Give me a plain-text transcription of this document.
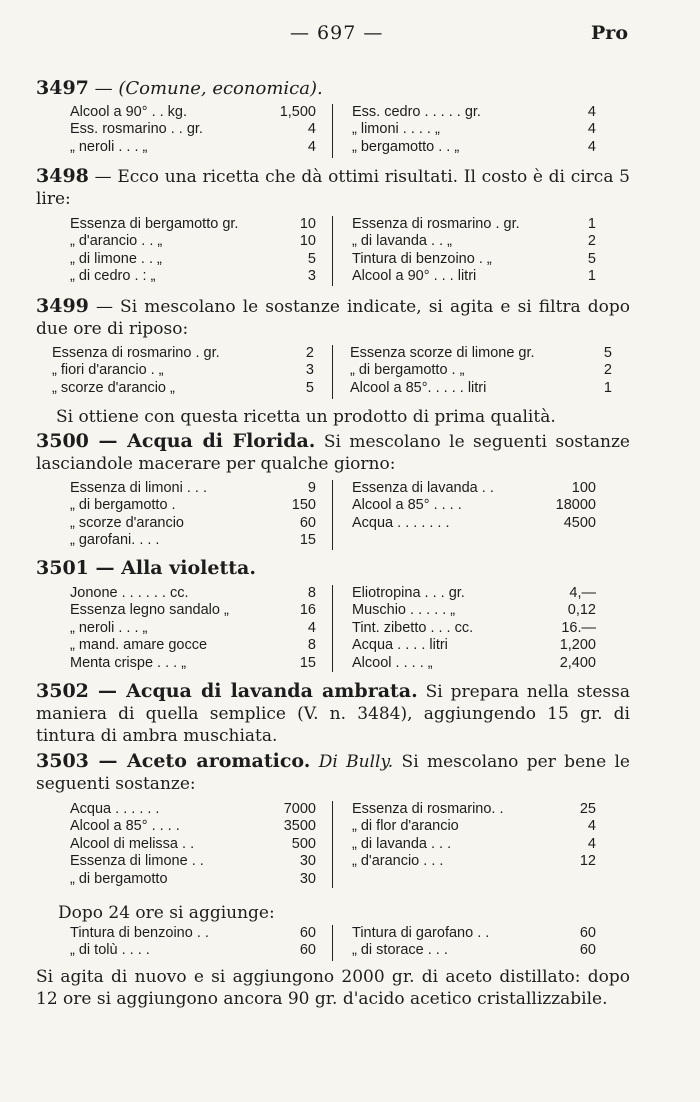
— 697 —	Pro
3497 — (Comune, economica).
Alcool a 90° . . kg.	1,500
Ess. rosmarino . . gr.	4
„ neroli . . . „	4
Ess. cedro . . . . . gr.	4
„ limoni . . . . „	4
„ bergamotto . . „	4
3498 — Ecco una ricetta che dà ottimi risultati. Il costo è di circa 5 lire:
Essenza di bergamotto gr.	10
„ d'arancio . . „	10
„ di limone . . „	5
„ di cedro . : „	3
Essenza di rosmarino . gr.	1
„ di lavanda . . „	2
Tintura di benzoino . „	5
Alcool a 90° . . . litri	1
3499 — Si mescolano le sostanze indicate, si agita e si filtra dopo due ore di riposo:
Essenza di rosmarino . gr.	2
„ fiori d'arancio . „	3
„ scorze d'arancio „	5
Essenza scorze di limone gr.	5
„ di bergamotto . „	2
Alcool a 85°. . . . . litri	1
Si ottiene con questa ricetta un prodotto di prima qualità.
3500 — Acqua di Florida. Si mescolano le seguenti sostanze lasciandole macerare per qualche giorno:
Essenza di limoni . . .	9
„ di bergamotto .	150
„ scorze d'arancio	60
„ garofani. . . .	15
Essenza di lavanda . .	100
Alcool a 85° . . . .	18000
Acqua . . . . . . .	4500
3501 — Alla violetta.
Jonone . . . . . . cc.	8
Essenza legno sandalo „	16
„ neroli . . . „	4
„ mand. amare gocce	8
Menta crispe . . . „	15
Eliotropina . . . gr.	4,—
Muschio . . . . . „	0,12
Tint. zibetto . . . cc.	16.—
Acqua . . . . litri	1,200
Alcool . . . . „	2,400
3502 — Acqua di lavanda ambrata. Si prepara nella stessa maniera di quella semplice (V. n. 3484), aggiungendo 15 gr. di tintura di ambra muschiata.
3503 — Aceto aromatico. Di Bully. Si mescolano per bene le seguenti sostanze:
Acqua . . . . . .	7000
Alcool a 85° . . . .	3500
Alcool di melissa . .	500
Essenza di limone . .	30
„ di bergamotto	30
Essenza di rosmarino. .	25
„ di flor d'arancio	4
„ di lavanda . . .	4
„ d'arancio . . .	12
Dopo 24 ore si aggiunge:
Tintura di benzoino . .	60
„ di tolù . . . .	60
Tintura di garofano . .	60
„ di storace . . .	60
Si agita di nuovo e si aggiungono 2000 gr. di aceto distillato: dopo 12 ore si aggiungono ancora 90 gr. d'acido acetico cristallizzabile.
